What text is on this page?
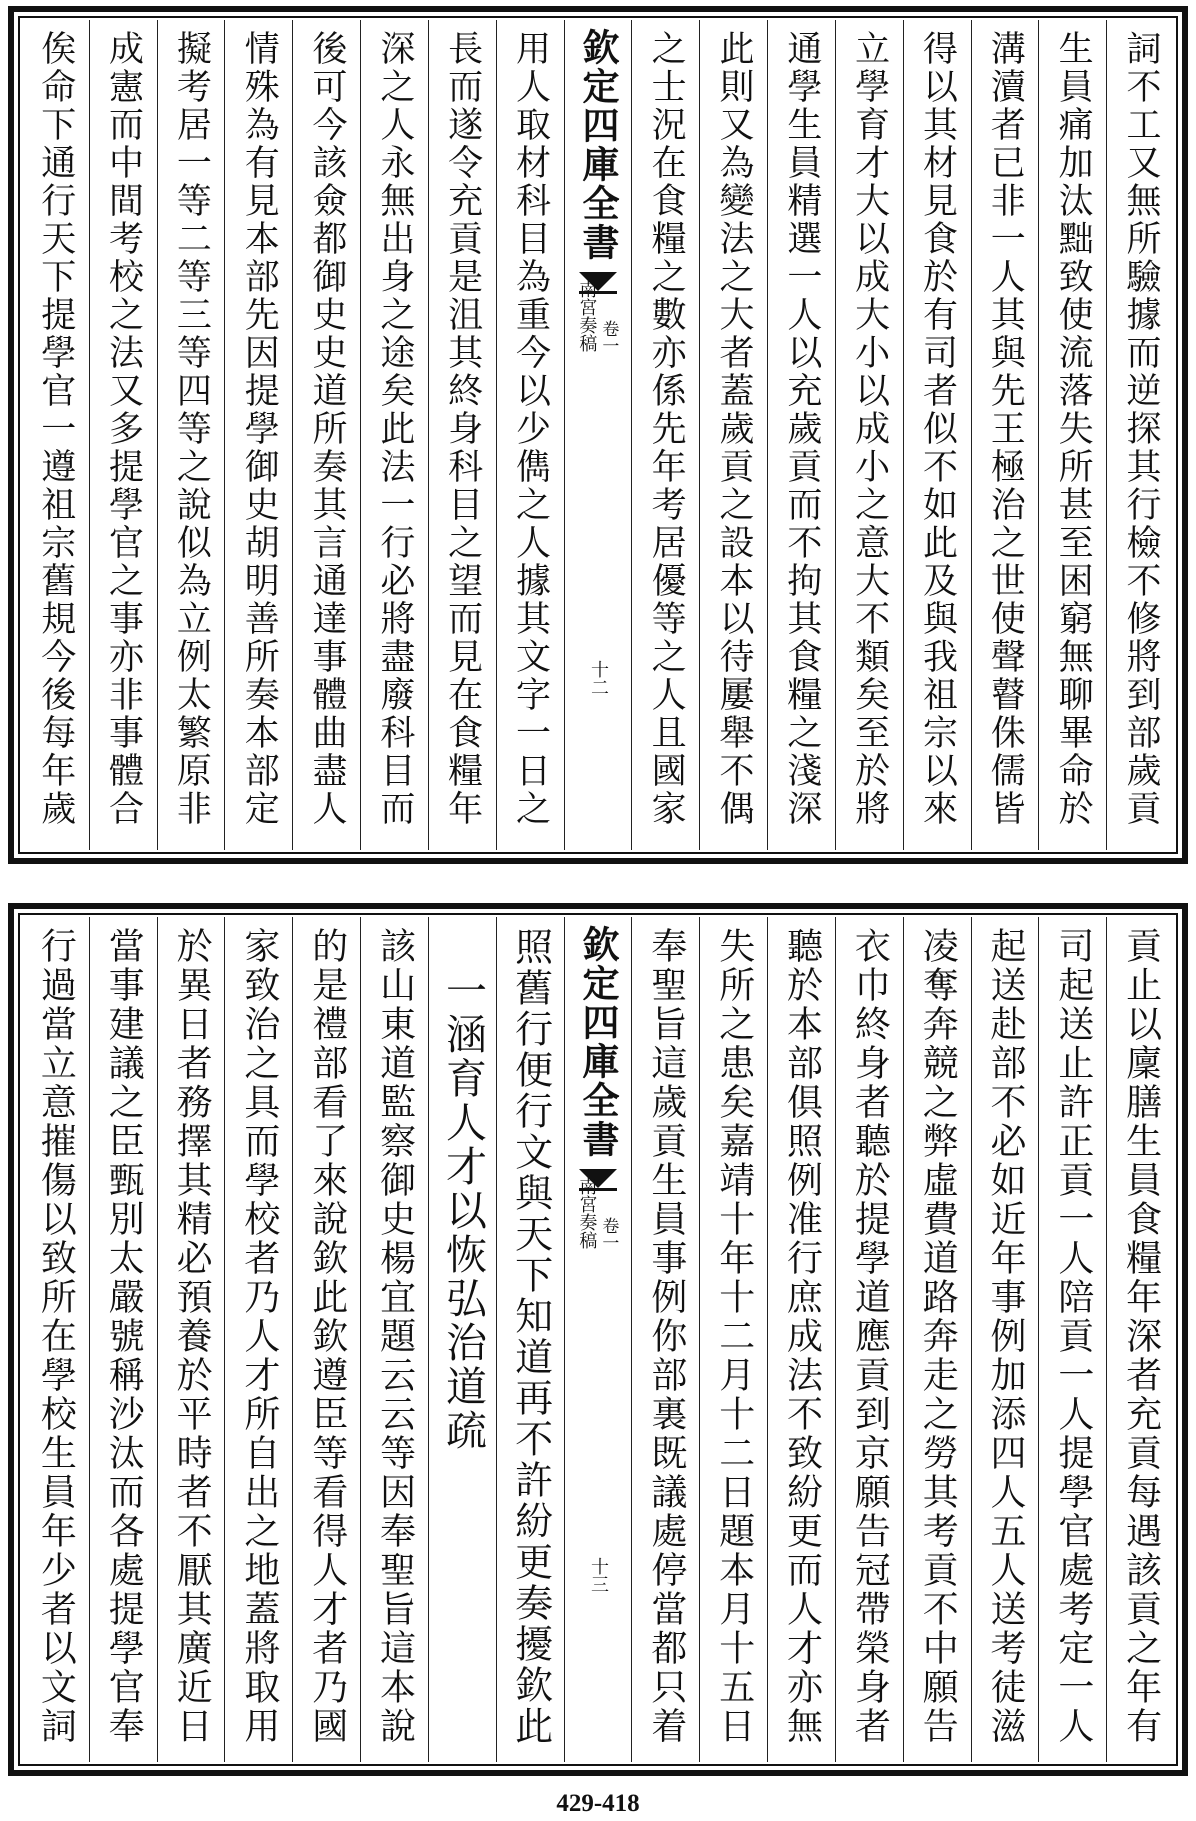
詞不工又無所驗據而逆探其行檢不修將到部歲貢
生員痛加汰黜致使流落失所甚至困窮無聊畢命於
溝瀆者已非一人其與先王極治之世使聲瞽侏儒皆
得以其材見食於有司者似不如此及與我祖宗以來
立學育才大以成大小以成小之意大不類矣至於將
通學生員精選一人以充歲貢而不拘其食糧之淺深
此則又為變法之大者蓋歲貢之設本以待屢舉不偶
之士況在食糧之數亦係先年考居優等之人且國家
欽定四庫全書
南宮奏稿 卷一
十二
用人取材科目為重今以少儁之人據其文字一日之
長而遂令充貢是沮其終身科目之望而見在食糧年
深之人永無出身之途矣此法一行必將盡廢科目而
後可今該僉都御史史道所奏其言通達事體曲盡人
情殊為有見本部先因提學御史胡明善所奏本部定
擬考居一等二等三等四等之說似為立例太繁原非
成憲而中間考校之法又多提學官之事亦非事體合
俟命下通行天下提學官一遵祖宗舊規今後每年歲
貢止以廩膳生員食糧年深者充貢每遇該貢之年有
司起送止許正貢一人陪貢一人提學官處考定一人
起送赴部不必如近年事例加添四人五人送考徒滋
凌奪奔競之弊虛費道路奔走之勞其考貢不中願告
衣巾終身者聽於提學道應貢到京願告冠帶榮身者
聽於本部俱照例准行庶成法不致紛更而人才亦無
失所之患矣嘉靖十年十二月十二日題本月十五日
奉聖旨這歲貢生員事例你部裏既議處停當都只着
欽定四庫全書
南宮奏稿 卷一
十三
照舊行便行文與天下知道再不許紛更奏擾欽此
一涵育人才以恢弘治道疏
該山東道監察御史楊宜題云云等因奉聖旨這本說
的是禮部看了來說欽此欽遵臣等看得人才者乃國
家致治之具而學校者乃人才所自出之地蓋將取用
於異日者務擇其精必預養於平時者不厭其廣近日
當事建議之臣甄別太嚴號稱沙汰而各處提學官奉
行過當立意摧傷以致所在學校生員年少者以文詞
429-418
